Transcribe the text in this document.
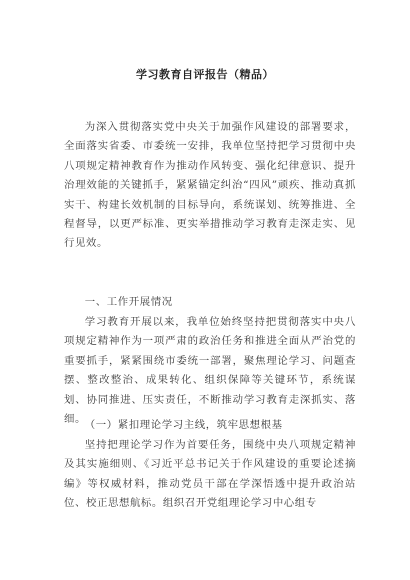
学习教育自评报告（精品）

为深入贯彻落实党中央关于加强作风建设的部署要求，全面落实省委、市委统一安排，我单位坚持把学习贯彻中央八项规定精神教育作为推动作风转变、强化纪律意识、提升治理效能的关键抓手，紧紧锚定纠治“四风”顽疾、推动真抓实干、构建长效机制的目标导向，系统谋划、统筹推进、全程督导，以更严标准、更实举措推动学习教育走深走实、见行见效。

一、工作开展情况

学习教育开展以来，我单位始终坚持把贯彻落实中央八项规定精神作为一项严肃的政治任务和推进全面从严治党的重要抓手，紧紧围绕市委统一部署，聚焦理论学习、问题查摆、整改整治、成果转化、组织保障等关键环节，系统谋划、协同推进、压实责任，不断推动学习教育走深抓实、落细。

（一）紧扣理论学习主线，筑牢思想根基

坚持把理论学习作为首要任务，围绕中央八项规定精神及其实施细则、《习近平总书记关于作风建设的重要论述摘编》等权威材料，推动党员干部在学深悟透中提升政治站位、校正思想航标。组织召开党组理论学习中心组专
